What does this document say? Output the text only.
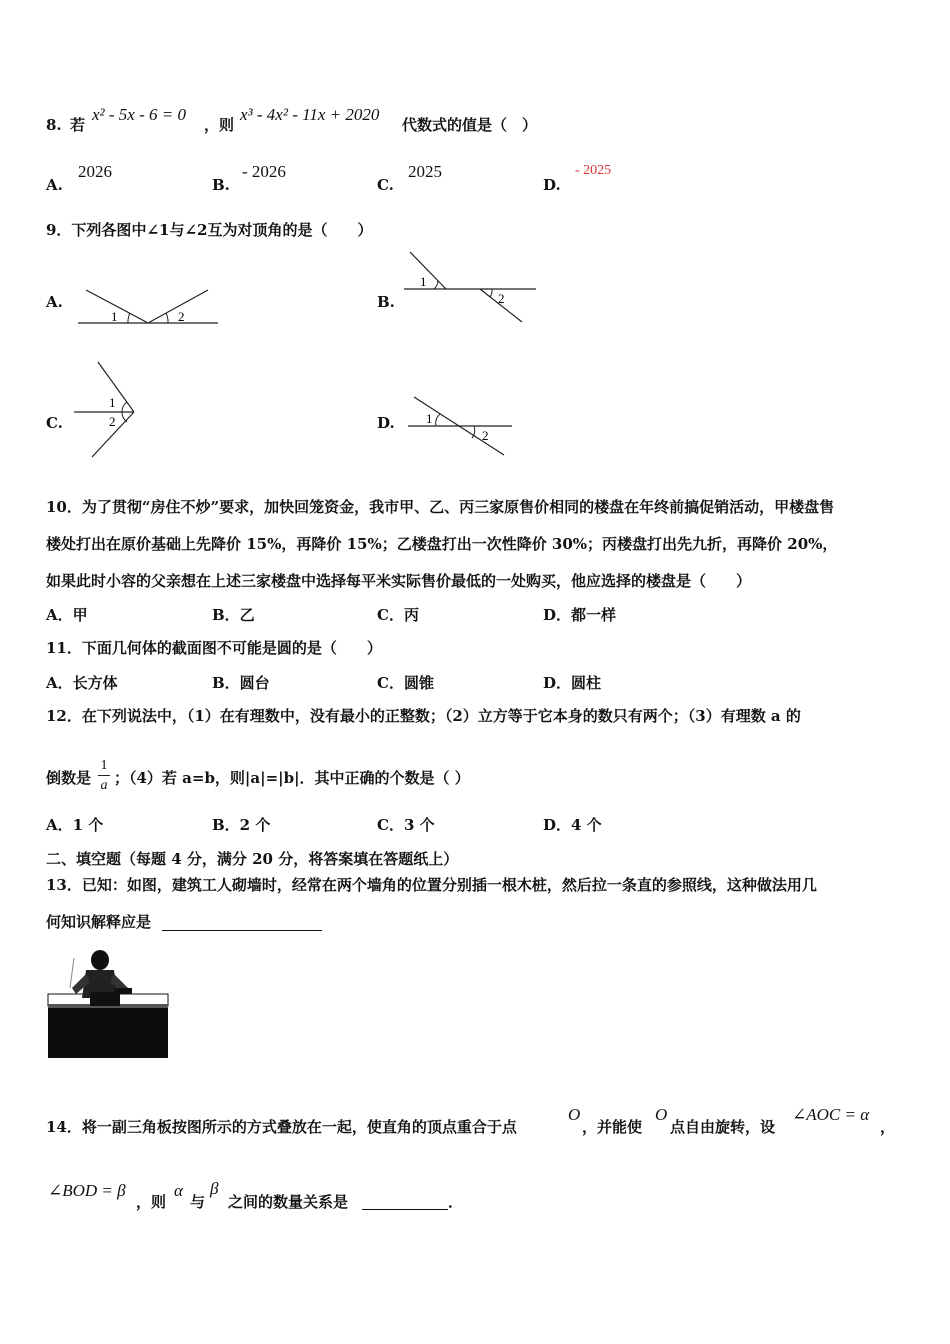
8. 若
x² - 5x - 6 = 0
，则
x³ - 4x² - 11x + 2020
代数式的值是（　）
A.
2026
B.
- 2026
C.
2025
D.
- 2025
9．下列各图中∠1与∠2互为对顶角的是（　　）
A.
1	2
B.
1
2
C.
1
2	D. 1
2
10．为了贯彻“房住不炒”要求，加快回笼资金，我市甲、乙、丙三家原售价相同的楼盘在年终前搞促销活动，甲楼盘售
楼处打出在原价基础上先降价 15%，再降价 15%；乙楼盘打出一次性降价 30%；丙楼盘打出先九折，再降价 20%，
如果此时小容的父亲想在上述三家楼盘中选择每平米实际售价最低的一处购买，他应选择的楼盘是（　　）
A．甲	B．乙	C．丙	D．都一样
11．下面几何体的截面图不可能是圆的是（　　）
A．长方体	B．圆台	C．圆锥	D．圆柱
12．在下列说法中，（1）在有理数中，没有最小的正整数；（2）立方等于它本身的数只有两个；（3）有理数 a 的
倒数是
1
a ；（4）若 a=b，则|a|=|b|．其中正确的个数是（ ）
A．1 个	B．2 个	C．3 个	D．4 个
二、填空题（每题 4 分，满分 20 分，将答案填在答题纸上）
13．已知：如图，建筑工人砌墙时，经常在两个墙角的位置分别插一根木桩，然后拉一条直的参照线，这种做法用几
何知识解释应是
14．将一副三角板按图所示的方式叠放在一起，使直角的顶点重合于点
O
，并能使
O
点自由旋转，设
∠AOC = α
，
∠BOD = β
，则
α
与
β
之间的数量关系是	．
